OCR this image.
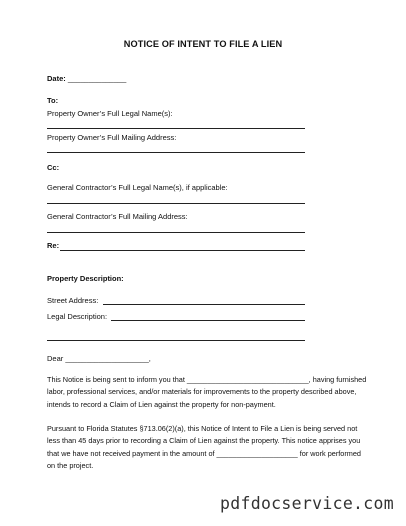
NOTICE OF INTENT TO FILE A LIEN
Date: ______________
To:
Property Owner’s Full Legal Name(s):
Property Owner’s Full Mailing Address:
Cc:
General Contractor’s Full Legal Name(s), if applicable:
General Contractor’s Full Mailing Address:
Re:
Property Description:
Street Address:
Legal Description:
Dear ____________________,
This Notice is being sent to inform you that ______________________________, having furnished labor, professional services, and/or materials for improvements to the property described above, intends to record a Claim of Lien against the property for non-payment.
Pursuant to Florida Statutes §713.06(2)(a), this Notice of Intent to File a Lien is being served not less than 45 days prior to recording a Claim of Lien against the property. This notice apprises you that we have not received payment in the amount of ____________________ for work performed on the project.
pdfdocservice.com
